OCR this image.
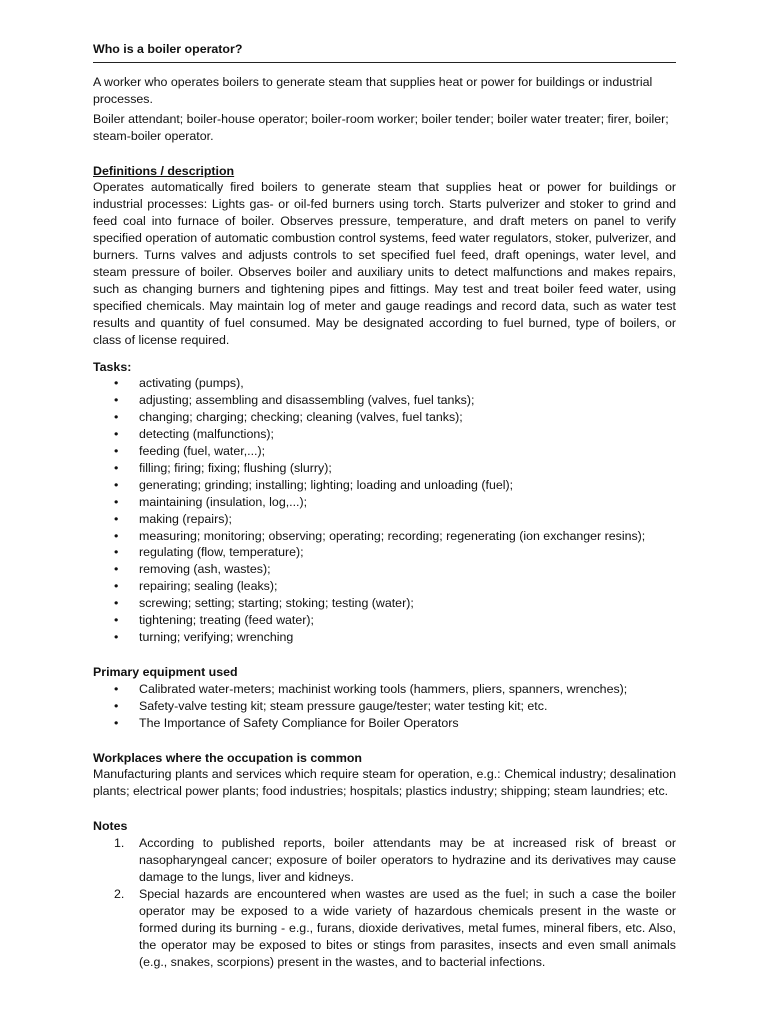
Who is a boiler operator?

A worker who operates boilers to generate steam that supplies heat or power for buildings or industrial processes.

Boiler attendant; boiler-house operator; boiler-room worker; boiler tender; boiler water treater; firer, boiler; steam-boiler operator.

Definitions / description

Operates automatically fired boilers to generate steam that supplies heat or power for buildings or industrial processes: Lights gas- or oil-fed burners using torch. Starts pulverizer and stoker to grind and feed coal into furnace of boiler. Observes pressure, temperature, and draft meters on panel to verify specified operation of automatic combustion control systems, feed water regulators, stoker, pulverizer, and burners. Turns valves and adjusts controls to set specified fuel feed, draft openings, water level, and steam pressure of boiler. Observes boiler and auxiliary units to detect malfunctions and makes repairs, such as changing burners and tightening pipes and fittings. May test and treat boiler feed water, using specified chemicals. May maintain log of meter and gauge readings and record data, such as water test results and quantity of fuel consumed. May be designated according to fuel burned, type of boilers, or class of license required.

Tasks:

• activating (pumps),
• adjusting; assembling and disassembling (valves, fuel tanks);
• changing; charging; checking; cleaning (valves, fuel tanks);
• detecting (malfunctions);
• feeding (fuel, water,...);
• filling; firing; fixing; flushing (slurry);
• generating; grinding; installing; lighting; loading and unloading (fuel);
• maintaining (insulation, log,...);
• making (repairs);
• measuring; monitoring; observing; operating; recording; regenerating (ion exchanger resins);
• regulating (flow, temperature);
• removing (ash, wastes);
• repairing; sealing (leaks);
• screwing; setting; starting; stoking; testing (water);
• tightening; treating (feed water);
• turning; verifying; wrenching

Primary equipment used

• Calibrated water-meters; machinist working tools (hammers, pliers, spanners, wrenches);
• Safety-valve testing kit; steam pressure gauge/tester; water testing kit; etc.
• The Importance of Safety Compliance for Boiler Operators

Workplaces where the occupation is common

Manufacturing plants and services which require steam for operation, e.g.: Chemical industry; desalination plants; electrical power plants; food industries; hospitals; plastics industry; shipping; steam laundries; etc.

Notes

1. According to published reports, boiler attendants may be at increased risk of breast or nasopharyngeal cancer; exposure of boiler operators to hydrazine and its derivatives may cause damage to the lungs, liver and kidneys.
2. Special hazards are encountered when wastes are used as the fuel; in such a case the boiler operator may be exposed to a wide variety of hazardous chemicals present in the waste or formed during its burning - e.g., furans, dioxide derivatives, metal fumes, mineral fibers, etc. Also, the operator may be exposed to bites or stings from parasites, insects and even small animals (e.g., snakes, scorpions) present in the wastes, and to bacterial infections.
